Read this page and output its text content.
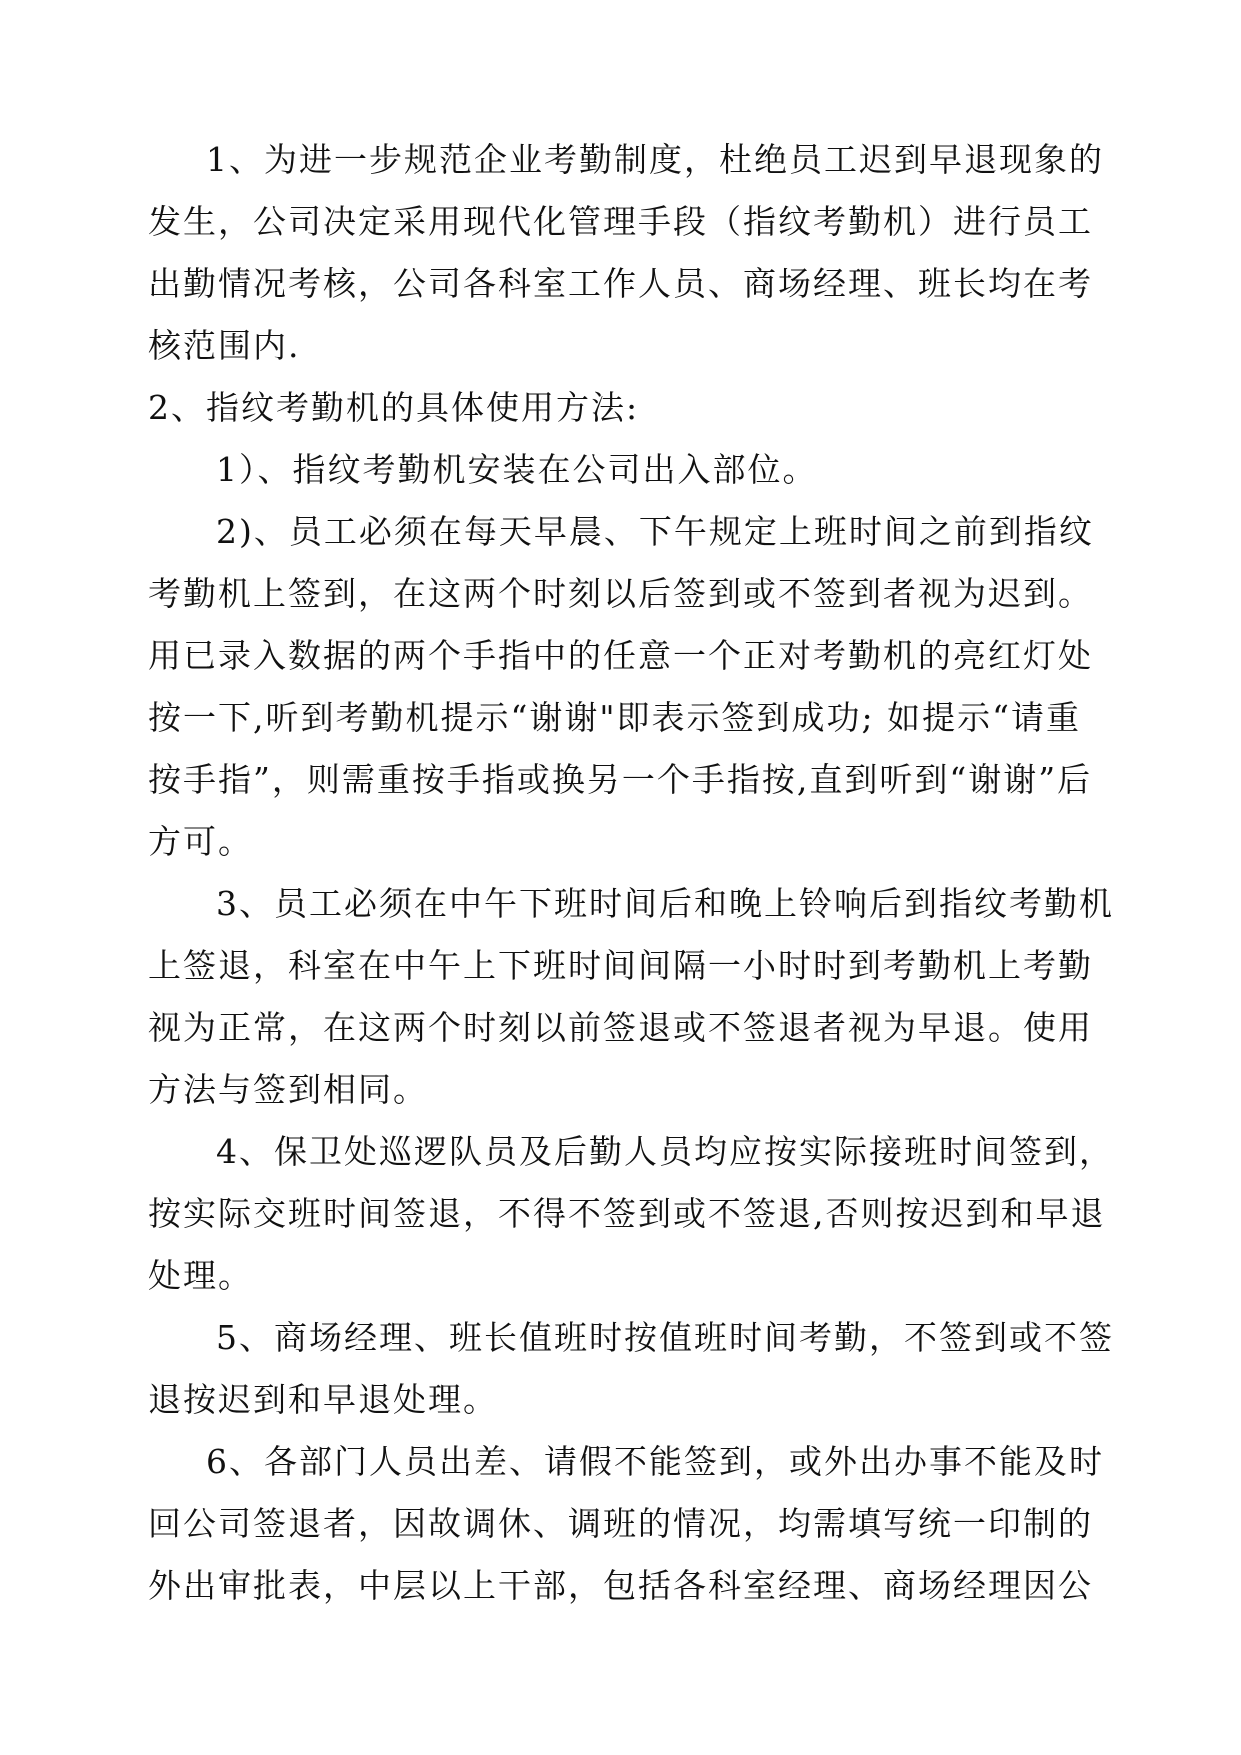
1、为进一步规范企业考勤制度，杜绝员工迟到早退现象的
发生，公司决定采用现代化管理手段（指纹考勤机）进行员工
出勤情况考核，公司各科室工作人员、商场经理、班长均在考
核范围内.
2、指纹考勤机的具体使用方法:
1）、指纹考勤机安装在公司出入部位。
2)、员工必须在每天早晨、下午规定上班时间之前到指纹
考勤机上签到，在这两个时刻以后签到或不签到者视为迟到。
用已录入数据的两个手指中的任意一个正对考勤机的亮红灯处
按一下,听到考勤机提示“谢谢"即表示签到成功; 如提示“请重
按手指”，则需重按手指或换另一个手指按,直到听到“谢谢”后
方可。
3、员工必须在中午下班时间后和晚上铃响后到指纹考勤机
上签退，科室在中午上下班时间间隔一小时时到考勤机上考勤
视为正常，在这两个时刻以前签退或不签退者视为早退。使用
方法与签到相同。
4、保卫处巡逻队员及后勤人员均应按实际接班时间签到，
按实际交班时间签退，不得不签到或不签退,否则按迟到和早退
处理。
5、商场经理、班长值班时按值班时间考勤，不签到或不签
退按迟到和早退处理。
6、各部门人员出差、请假不能签到，或外出办事不能及时
回公司签退者，因故调休、调班的情况，均需填写统一印制的
外出审批表，中层以上干部，包括各科室经理、商场经理因公
